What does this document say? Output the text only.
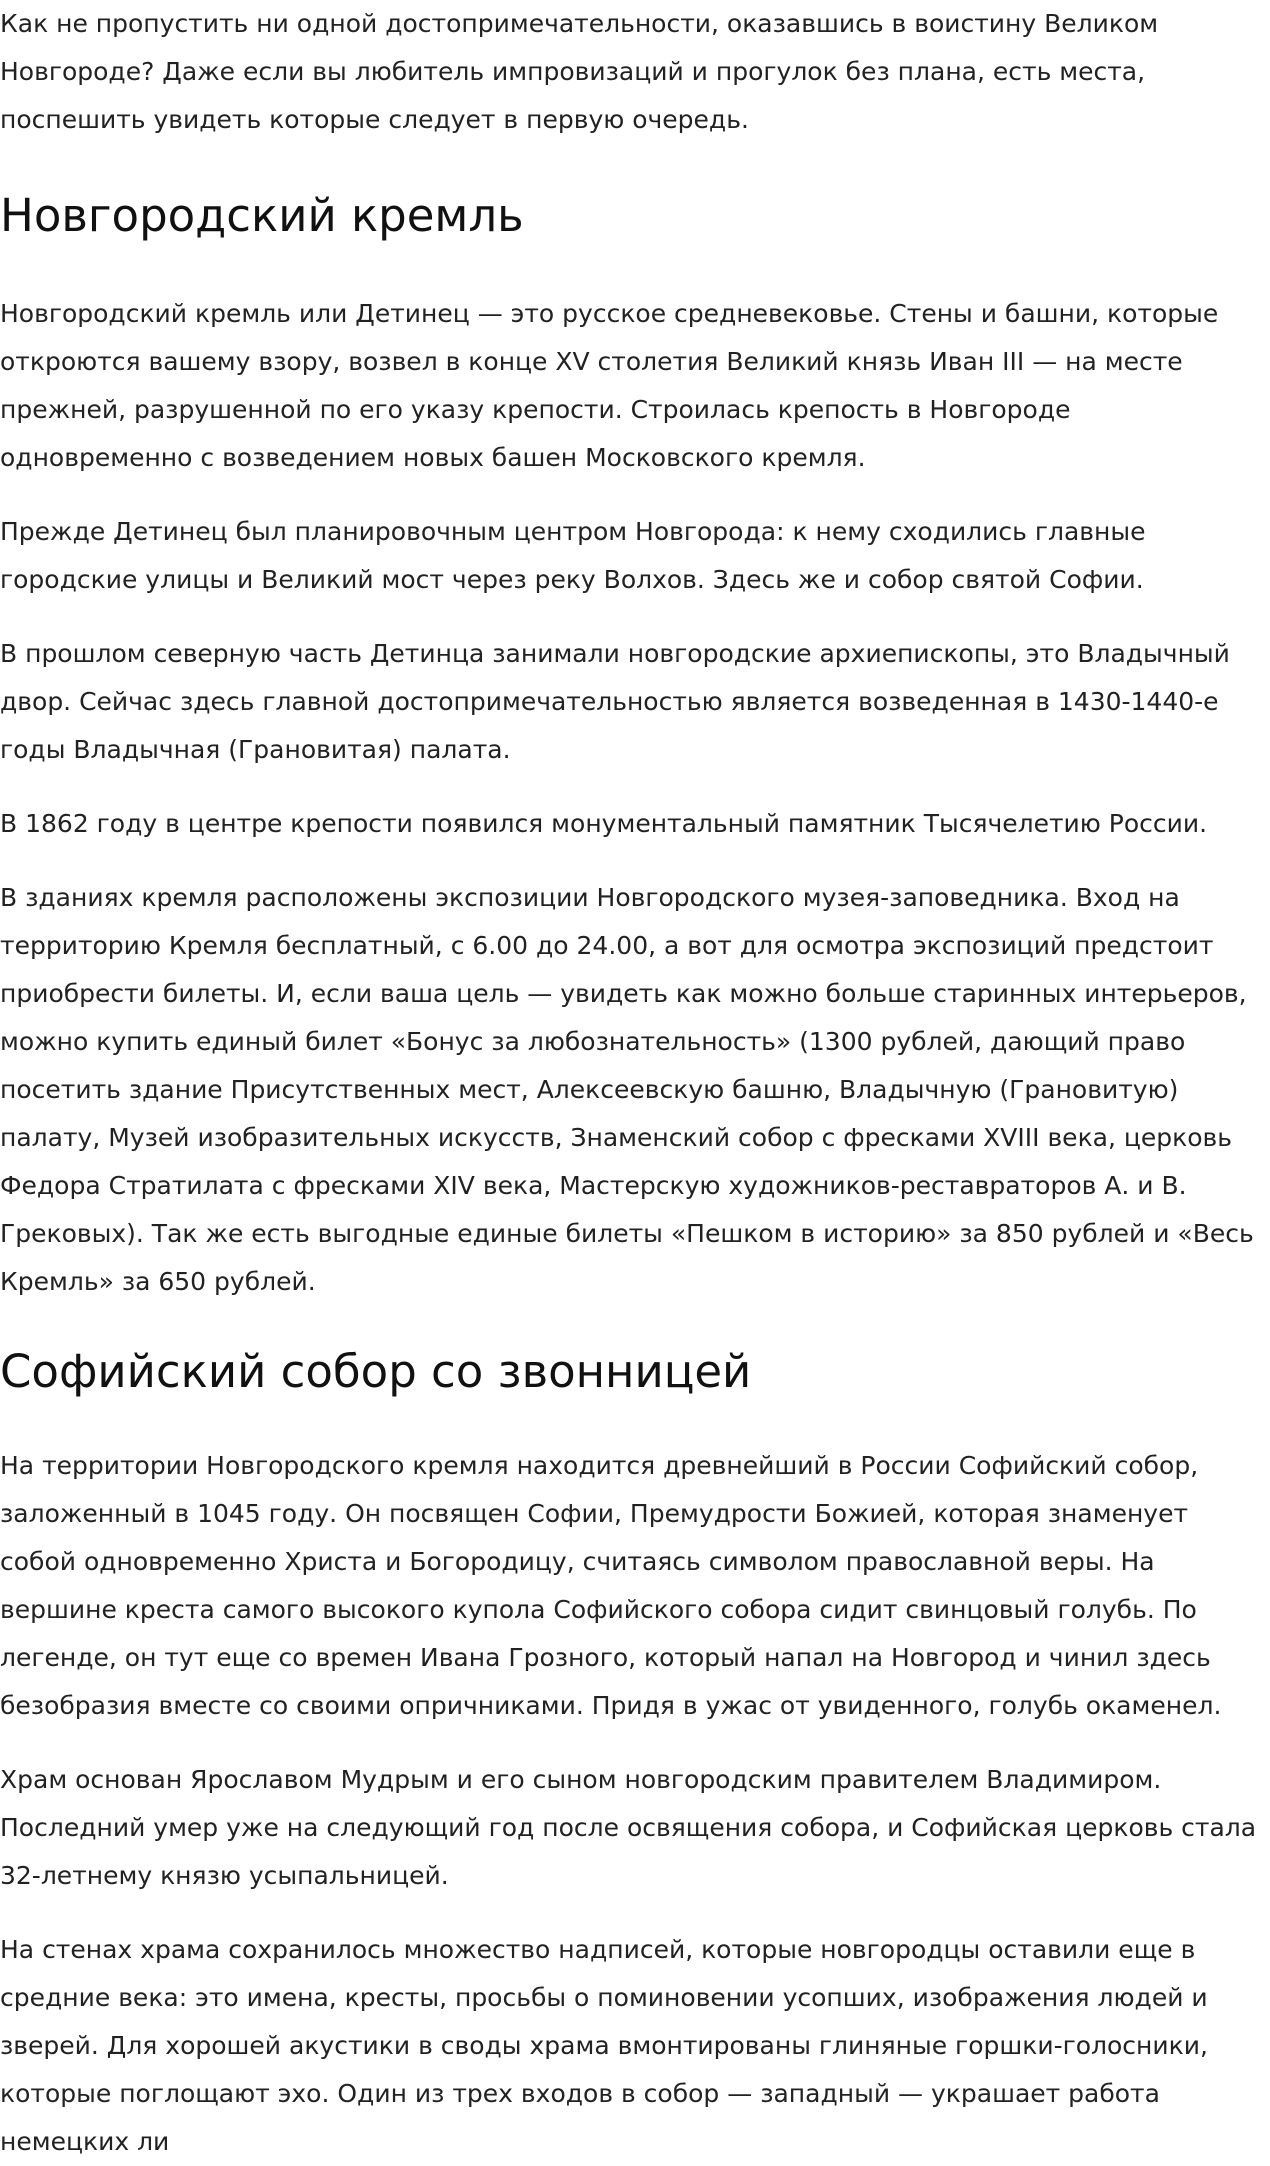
Как не пропустить ни одной достопримечательности, оказавшись в воистину Великом Новгороде? Даже если вы любитель импровизаций и прогулок без плана, есть места, поспешить увидеть которые следует в первую очередь.

Новгородский кремль

Новгородский кремль или Детинец — это русское средневековье. Стены и башни, которые откроются вашему взору, возвел в конце XV столетия Великий князь Иван III — на месте прежней, разрушенной по его указу крепости. Строилась крепость в Новгороде одновременно с возведением новых башен Московского кремля.

Прежде Детинец был планировочным центром Новгорода: к нему сходились главные городские улицы и Великий мост через реку Волхов. Здесь же и собор святой Софии.

В прошлом северную часть Детинца занимали новгородские архиепископы, это Владычный двор. Сейчас здесь главной достопримечательностью является возведенная в 1430-1440-е годы Владычная (Грановитая) палата.

В 1862 году в центре крепости появился монументальный памятник Тысячелетию России.

В зданиях кремля расположены экспозиции Новгородского музея-заповедника. Вход на территорию Кремля бесплатный, с 6.00 до 24.00, а вот для осмотра экспозиций предстоит приобрести билеты. И, если ваша цель — увидеть как можно больше старинных интерьеров, можно купить единый билет «Бонус за любознательность» (1300 рублей, дающий право посетить здание Присутственных мест, Алексеевскую башню, Владычную (Грановитую) палату, Музей изобразительных искусств, Знаменский собор с фресками XVIII века, церковь Федора Стратилата с фресками XIV века, Мастерскую художников-реставраторов А. и В. Грековых). Так же есть выгодные единые билеты «Пешком в историю» за 850 рублей и «Весь Кремль» за 650 рублей.

Софийский собор со звонницей

На территории Новгородского кремля находится древнейший в России Софийский собор, заложенный в 1045 году. Он посвящен Софии, Премудрости Божией, которая знаменует собой одновременно Христа и Богородицу, считаясь символом православной веры. На вершине креста самого высокого купола Софийского собора сидит свинцовый голубь. По легенде, он тут еще со времен Ивана Грозного, который напал на Новгород и чинил здесь безобразия вместе со своими опричниками. Придя в ужас от увиденного, голубь окаменел.

Храм основан Ярославом Мудрым и его сыном новгородским правителем Владимиром. Последний умер уже на следующий год после освящения собора, и Софийская церковь стала 32-летнему князю усыпальницей.

На стенах храма сохранилось множество надписей, которые новгородцы оставили еще в средние века: это имена, кресты, просьбы о поминовении усопших, изображения людей и зверей. Для хорошей акустики в своды храма вмонтированы глиняные горшки-голосники, которые поглощают эхо. Один из трех входов в собор — западный — украшает работа немецких ли
